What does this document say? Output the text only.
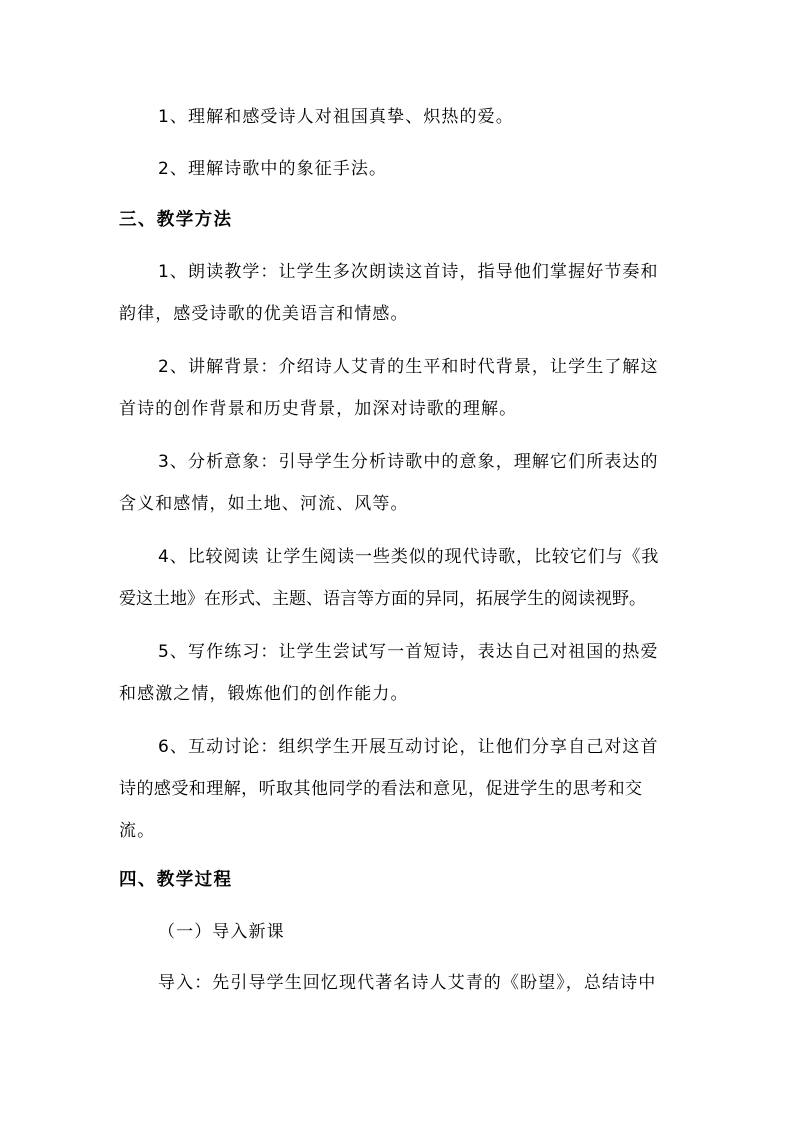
1、理解和感受诗人对祖国真挚、炽热的爱。

2、理解诗歌中的象征手法。

三、教学方法

1、朗读教学：让学生多次朗读这首诗，指导他们掌握好节奏和

韵律，感受诗歌的优美语言和情感。

2、讲解背景：介绍诗人艾青的生平和时代背景，让学生了解这

首诗的创作背景和历史背景，加深对诗歌的理解。

3、分析意象：引导学生分析诗歌中的意象，理解它们所表达的

含义和感情，如土地、河流、风等。

4、比较阅读 让学生阅读一些类似的现代诗歌，比较它们与《我

爱这土地》在形式、主题、语言等方面的异同，拓展学生的阅读视野。

5、写作练习：让学生尝试写一首短诗，表达自己对祖国的热爱

和感激之情，锻炼他们的创作能力。

6、互动讨论：组织学生开展互动讨论，让他们分享自己对这首

诗的感受和理解，听取其他同学的看法和意见，促进学生的思考和交

流。

四、教学过程

（一）导入新课

导入：先引导学生回忆现代著名诗人艾青的《盼望》，总结诗中
